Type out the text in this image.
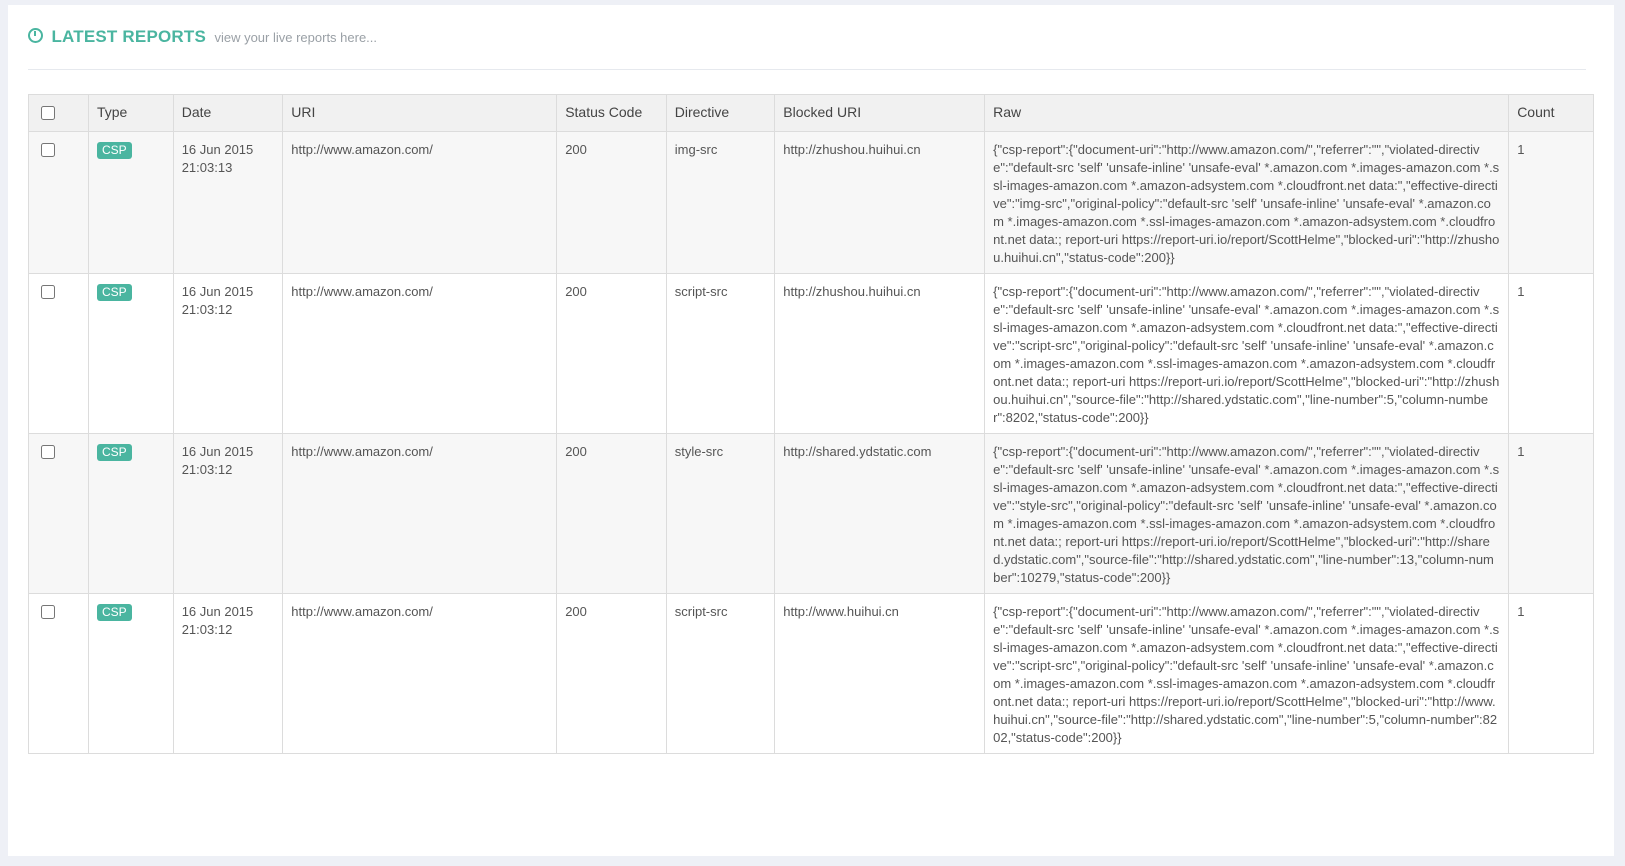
LATEST REPORTS view your live reports here...
	Type	Date	URI	Status Code	Directive	Blocked URI	Raw	Count
	CSP	16 Jun 2015 21:03:13	http://www.amazon.com/	200	img-src	http://zhushou.huihui.cn	{"csp-report":{"document-uri":"http://www.amazon.com/","referrer":"","violated-directive":"default-src 'self' 'unsafe-inline' 'unsafe-eval' *.amazon.com *.images-amazon.com *.ssl-images-amazon.com *.amazon-adsystem.com *.cloudfront.net data:","effective-directive":"img-src","original-policy":"default-src 'self' 'unsafe-inline' 'unsafe-eval' *.amazon.com *.images-amazon.com *.ssl-images-amazon.com *.amazon-adsystem.com *.cloudfront.net data:; report-uri https://report-uri.io/report/ScottHelme","blocked-uri":"http://zhushou.huihui.cn","status-code":200}}	1
	CSP	16 Jun 2015 21:03:12	http://www.amazon.com/	200	script-src	http://zhushou.huihui.cn	{"csp-report":{"document-uri":"http://www.amazon.com/","referrer":"","violated-directive":"default-src 'self' 'unsafe-inline' 'unsafe-eval' *.amazon.com *.images-amazon.com *.ssl-images-amazon.com *.amazon-adsystem.com *.cloudfront.net data:","effective-directive":"script-src","original-policy":"default-src 'self' 'unsafe-inline' 'unsafe-eval' *.amazon.com *.images-amazon.com *.ssl-images-amazon.com *.amazon-adsystem.com *.cloudfront.net data:; report-uri https://report-uri.io/report/ScottHelme","blocked-uri":"http://zhushou.huihui.cn","source-file":"http://shared.ydstatic.com","line-number":5,"column-number":8202,"status-code":200}}	1
	CSP	16 Jun 2015 21:03:12	http://www.amazon.com/	200	style-src	http://shared.ydstatic.com	{"csp-report":{"document-uri":"http://www.amazon.com/","referrer":"","violated-directive":"default-src 'self' 'unsafe-inline' 'unsafe-eval' *.amazon.com *.images-amazon.com *.ssl-images-amazon.com *.amazon-adsystem.com *.cloudfront.net data:","effective-directive":"style-src","original-policy":"default-src 'self' 'unsafe-inline' 'unsafe-eval' *.amazon.com *.images-amazon.com *.ssl-images-amazon.com *.amazon-adsystem.com *.cloudfront.net data:; report-uri https://report-uri.io/report/ScottHelme","blocked-uri":"http://shared.ydstatic.com","source-file":"http://shared.ydstatic.com","line-number":13,"column-number":10279,"status-code":200}}	1
	CSP	16 Jun 2015 21:03:12	http://www.amazon.com/	200	script-src	http://www.huihui.cn	{"csp-report":{"document-uri":"http://www.amazon.com/","referrer":"","violated-directive":"default-src 'self' 'unsafe-inline' 'unsafe-eval' *.amazon.com *.images-amazon.com *.ssl-images-amazon.com *.amazon-adsystem.com *.cloudfront.net data:","effective-directive":"script-src","original-policy":"default-src 'self' 'unsafe-inline' 'unsafe-eval' *.amazon.com *.images-amazon.com *.ssl-images-amazon.com *.amazon-adsystem.com *.cloudfront.net data:; report-uri https://report-uri.io/report/ScottHelme","blocked-uri":"http://www.huihui.cn","source-file":"http://shared.ydstatic.com","line-number":5,"column-number":8202,"status-code":200}}	1
